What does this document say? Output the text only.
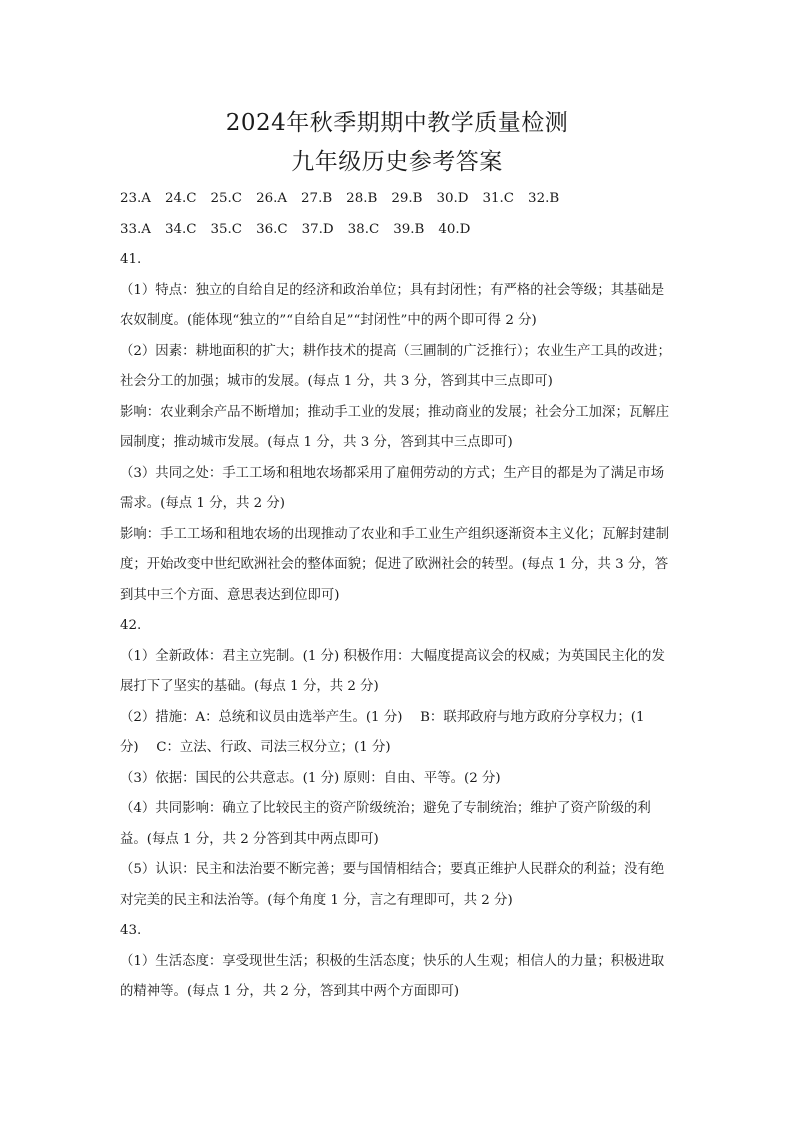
2024年秋季期期中教学质量检测
九年级历史参考答案
23.A 24.C 25.C 26.A 27.B 28.B 29.B 30.D 31.C 32.B
33.A 34.C 35.C 36.C 37.D 38.C 39.B 40.D
41.
（1）特点：独立的自给自足的经济和政治单位；具有封闭性；有严格的社会等级；其基础是
农奴制度。(能体现“独立的”“自给自足”“封闭性”中的两个即可得 2 分)
（2）因素：耕地面积的扩大；耕作技术的提高（三圃制的广泛推行）；农业生产工具的改进；
社会分工的加强；城市的发展。(每点 1 分，共 3 分，答到其中三点即可)
影响：农业剩余产品不断增加；推动手工业的发展；推动商业的发展；社会分工加深；瓦解庄
园制度；推动城市发展。(每点 1 分，共 3 分，答到其中三点即可)
（3）共同之处：手工工场和租地农场都采用了雇佣劳动的方式；生产目的都是为了满足市场
需求。(每点 1 分，共 2 分)
影响：手工工场和租地农场的出现推动了农业和手工业生产组织逐渐资本主义化；瓦解封建制
度；开始改变中世纪欧洲社会的整体面貌；促进了欧洲社会的转型。(每点 1 分，共 3 分，答
到其中三个方面、意思表达到位即可)
42.
（1）全新政体：君主立宪制。(1 分) 积极作用：大幅度提高议会的权威；为英国民主化的发
展打下了坚实的基础。(每点 1 分，共 2 分)
（2）措施：A：总统和议员由选举产生。(1 分)　 B：联邦政府与地方政府分享权力；(1
分)　 C：立法、行政、司法三权分立；(1 分)
（3）依据：国民的公共意志。(1 分) 原则：自由、平等。(2 分)
（4）共同影响：确立了比较民主的资产阶级统治；避免了专制统治；维护了资产阶级的利
益。(每点 1 分，共 2 分答到其中两点即可)
（5）认识：民主和法治要不断完善；要与国情相结合；要真正维护人民群众的利益；没有绝
对完美的民主和法治等。(每个角度 1 分，言之有理即可，共 2 分)
43.
（1）生活态度：享受现世生活；积极的生活态度；快乐的人生观；相信人的力量；积极进取
的精神等。(每点 1 分，共 2 分，答到其中两个方面即可)
